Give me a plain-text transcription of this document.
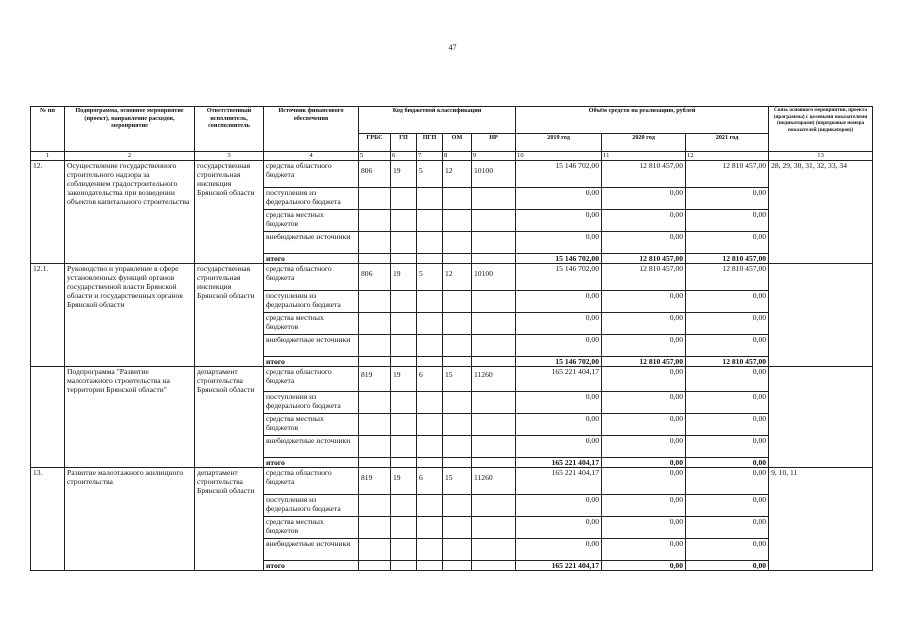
47
№ пп	Подпрограмма, основное мероприятие (проект), направление расходов, мероприятие	Ответственный исполнитель, соисполнитель	Источник финансового обеспечения	Код бюджетной классификации					Объём средств на реализацию, рублей			Связь основного мероприятия, проекта (программы) с целевыми показателями (индикаторами) (порядковые номера показателей (индикаторов))
				ГРБС	ГП	ПГП	ОМ	НР	2019 год	2020 год	2021 год	
1	2	3	4	5	6	7	8	9	10	11	12	13
12.	Осуществление государственного строительного надзора за соблюдением градостроительного законодательства при возведении объектов капитального строительства	государственная строительная инспекция Брянской области	средства областного бюджета	806	19	5	12	10100	15 146 702,00	12 810 457,00	12 810 457,00	28, 29, 30, 31, 32, 33, 34
			поступления из федерального бюджета						0,00	0,00	0,00	
			средства местных бюджетов						0,00	0,00	0,00	
			внебюджетные источники						0,00	0,00	0,00	
			итого						15 146 702,00	12 810 457,00	12 810 457,00	
12.1.	Руководство и управление в сфере установленных функций органов государственной власти Брянской области и государственных органов Брянской области	государственная строительная инспекция Брянской области	средства областного бюджета	806	19	5	12	10100	15 146 702,00	12 810 457,00	12 810 457,00	
			поступления из федерального бюджета						0,00	0,00	0,00	
			средства местных бюджетов						0,00	0,00	0,00	
			внебюджетные источники						0,00	0,00	0,00	
			итого						15 146 702,00	12 810 457,00	12 810 457,00	
	Подпрограмма "Развитие малоэтажного строительства на территории Брянской области"	департамент строительства Брянской области	средства областного бюджета	819	19	6	15	11260	165 221 404,17	0,00	0,00	
			поступления из федерального бюджета						0,00	0,00	0,00	
			средства местных бюджетов						0,00	0,00	0,00	
			внебюджетные источники						0,00	0,00	0,00	
			итого						165 221 404,17	0,00	0,00	
13.	Развитие малоэтажного жилищного строительства	департамент строительства Брянской области	средства областного бюджета	819	19	6	15	11260	165 221 404,17	0,00	0,00	9, 10, 11
			поступления из федерального бюджета						0,00	0,00	0,00	
			средства местных бюджетов						0,00	0,00	0,00	
			внебюджетные источники						0,00	0,00	0,00	
			итого						165 221 404,17	0,00	0,00	
